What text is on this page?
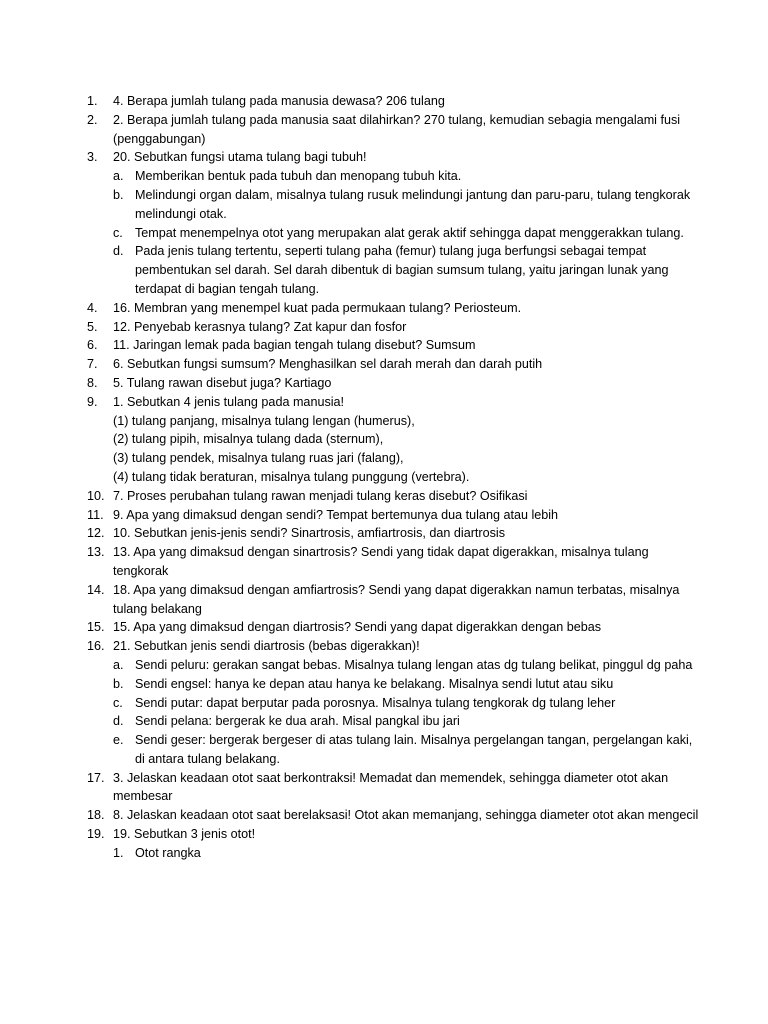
1.	4. Berapa jumlah tulang pada manusia dewasa? 206 tulang
2.	2. Berapa jumlah tulang pada manusia saat dilahirkan? 270 tulang, kemudian sebagia mengalami fusi (penggabungan)
3.	20. Sebutkan fungsi utama tulang bagi tubuh!
a. Memberikan bentuk pada tubuh dan menopang tubuh kita.
b. Melindungi organ dalam, misalnya tulang rusuk melindungi jantung dan paru-paru, tulang tengkorak melindungi otak.
c. Tempat menempelnya otot yang merupakan alat gerak aktif sehingga dapat menggerakkan tulang.
d. Pada jenis tulang tertentu, seperti tulang paha (femur) tulang juga berfungsi sebagai tempat pembentukan sel darah. Sel darah dibentuk di bagian sumsum tulang, yaitu jaringan lunak yang terdapat di bagian tengah tulang.
4.	16. Membran yang menempel kuat pada permukaan tulang? Periosteum.
5.	12. Penyebab kerasnya tulang? Zat kapur dan fosfor
6.	11. Jaringan lemak pada bagian tengah tulang disebut? Sumsum
7.	6. Sebutkan fungsi sumsum? Menghasilkan sel darah merah dan darah putih
8.	5. Tulang rawan disebut juga? Kartiago
9.	1. Sebutkan 4 jenis tulang pada manusia!
(1) tulang panjang, misalnya tulang lengan (humerus),
(2) tulang pipih, misalnya tulang dada (sternum),
(3) tulang pendek, misalnya tulang ruas jari (falang),
(4) tulang tidak beraturan, misalnya tulang punggung (vertebra).
10. 7. Proses perubahan tulang rawan menjadi tulang keras disebut? Osifikasi
11. 9. Apa yang dimaksud dengan sendi? Tempat bertemunya dua tulang atau lebih
12. 10. Sebutkan jenis-jenis sendi? Sinartrosis, amfiartrosis, dan diartrosis
13. 13. Apa yang dimaksud dengan sinartrosis? Sendi yang tidak dapat digerakkan, misalnya tulang tengkorak
14. 18. Apa yang dimaksud dengan amfiartrosis? Sendi yang dapat digerakkan namun terbatas, misalnya tulang belakang
15. 15. Apa yang dimaksud dengan diartrosis? Sendi yang dapat digerakkan dengan bebas
16. 21. Sebutkan jenis sendi diartrosis (bebas digerakkan)!
a. Sendi peluru: gerakan sangat bebas. Misalnya tulang lengan atas dg tulang belikat, pinggul dg paha
b. Sendi engsel: hanya ke depan atau hanya ke belakang. Misalnya sendi lutut atau siku
c. Sendi putar: dapat berputar pada porosnya. Misalnya tulang tengkorak dg tulang leher
d. Sendi pelana: bergerak ke dua arah. Misal pangkal ibu jari
e. Sendi geser: bergerak bergeser di atas tulang lain. Misalnya pergelangan tangan, pergelangan kaki, di antara tulang belakang.
17. 3. Jelaskan keadaan otot saat berkontraksi! Memadat dan memendek, sehingga diameter otot akan membesar
18. 8. Jelaskan keadaan otot saat berelaksasi! Otot akan memanjang, sehingga diameter otot akan mengecil
19. 19. Sebutkan 3 jenis otot!
1. Otot rangka
